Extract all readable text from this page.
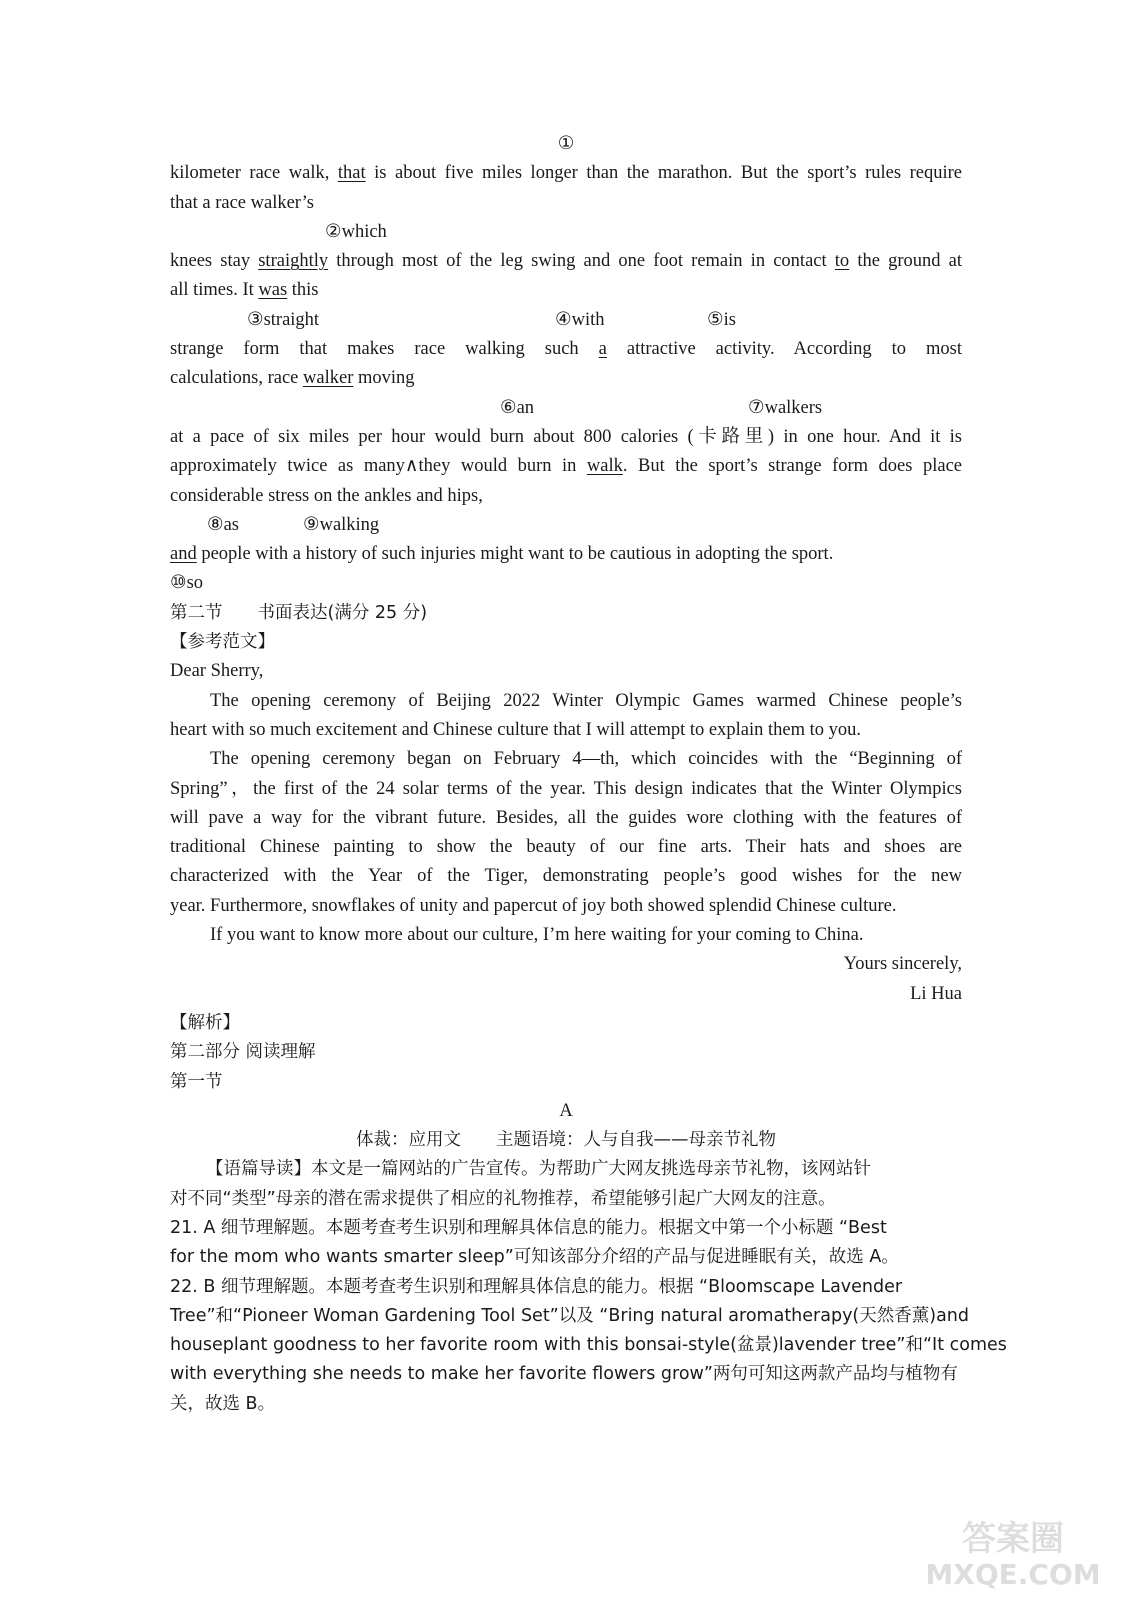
①
kilometer race walk, that is about five miles longer than the marathon. But the sport’s rules require
that a race walker’s
②which
knees stay straightly through most of the leg swing and one foot remain in contact to the ground at
all times. It was this
③straight	④with	⑤is
strange form that makes race walking such a attractive activity. According to most
calculations, race walker moving
⑥an	⑦walkers
at a pace of six miles per hour would burn about 800 calories (卡路里) in one hour. And it is
approximately twice as many∧they would burn in walk. But the sport’s strange form does place
considerable stress on the ankles and hips,
⑧as	⑨walking
and people with a history of such injuries might want to be cautious in adopting the sport.
⑩so
第二节　　书面表达(满分 25 分)
【参考范文】
Dear Sherry,
The opening ceremony of Beijing 2022 Winter Olympic Games warmed Chinese people’s
heart with so much excitement and Chinese culture that I will attempt to explain them to you.
The opening ceremony began on February 4—th, which coincides with the “Beginning of
Spring”，the first of the 24 solar terms of the year. This design indicates that the Winter Olympics
will pave a way for the vibrant future. Besides, all the guides wore clothing with the features of
traditional Chinese painting to show the beauty of our fine arts. Their hats and shoes are
characterized with the Year of the Tiger, demonstrating people’s good wishes for the new
year. Furthermore, snowflakes of unity and papercut of joy both showed splendid Chinese culture.
If you want to know more about our culture, I’m here waiting for your coming to China.
Yours sincerely,
Li Hua
【解析】
第二部分 阅读理解
第一节
A
体裁：应用文　　主题语境：人与自我——母亲节礼物
【语篇导读】本文是一篇网站的广告宣传。为帮助广大网友挑选母亲节礼物，该网站针
对不同“类型”母亲的潜在需求提供了相应的礼物推荐，希望能够引起广大网友的注意。
21. A 细节理解题。本题考查考生识别和理解具体信息的能力。根据文中第一个小标题 “Best
for the mom who wants smarter sleep”可知该部分介绍的产品与促进睡眠有关，故选 A。
22. B 细节理解题。本题考查考生识别和理解具体信息的能力。根据 “Bloomscape Lavender
Tree”和“Pioneer Woman Gardening Tool Set”以及 “Bring natural aromatherapy(天然香薰)and
houseplant goodness to her favorite room with this bonsai-style(盆景)lavender tree”和“It comes
with everything she needs to make her favorite flowers grow”两句可知这两款产品均与植物有
关，故选 B。
答案圈
MXQE.COM
